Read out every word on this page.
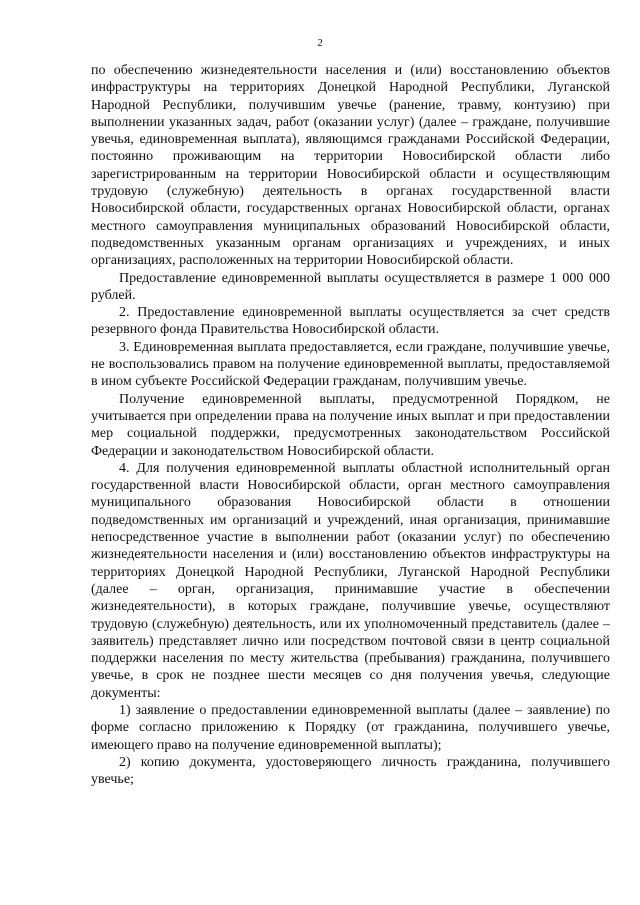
2

по обеспечению жизнедеятельности населения и (или) восстановлению объектов инфраструктуры на территориях Донецкой Народной Республики, Луганской Народной Республики, получившим увечье (ранение, травму, контузию) при выполнении указанных задач, работ (оказании услуг) (далее – граждане, получившие увечья, единовременная выплата), являющимся гражданами Российской Федерации, постоянно проживающим на территории Новосибирской области либо зарегистрированным на территории Новосибирской области и осуществляющим трудовую (служебную) деятельность в органах государственной власти Новосибирской области, государственных органах Новосибирской области, органах местного самоуправления муниципальных образований Новосибирской области, подведомственных указанным органам организациях и учреждениях, и иных организациях, расположенных на территории Новосибирской области.

Предоставление единовременной выплаты осуществляется в размере 1 000 000 рублей.

2. Предоставление единовременной выплаты осуществляется за счет средств резервного фонда Правительства Новосибирской области.

3. Единовременная выплата предоставляется, если граждане, получившие увечье, не воспользовались правом на получение единовременной выплаты, предоставляемой в ином субъекте Российской Федерации гражданам, получившим увечье.

Получение единовременной выплаты, предусмотренной Порядком, не учитывается при определении права на получение иных выплат и при предоставлении мер социальной поддержки, предусмотренных законодательством Российской Федерации и законодательством Новосибирской области.

4. Для получения единовременной выплаты областной исполнительный орган государственной власти Новосибирской области, орган местного самоуправления муниципального образования Новосибирской области в отношении подведомственных им организаций и учреждений, иная организация, принимавшие непосредственное участие в выполнении работ (оказании услуг) по обеспечению жизнедеятельности населения и (или) восстановлению объектов инфраструктуры на территориях Донецкой Народной Республики, Луганской Народной Республики (далее – орган, организация, принимавшие участие в обеспечении жизнедеятельности), в которых граждане, получившие увечье, осуществляют трудовую (служебную) деятельность, или их уполномоченный представитель (далее – заявитель) представляет лично или посредством почтовой связи в центр социальной поддержки населения по месту жительства (пребывания) гражданина, получившего увечье, в срок не позднее шести месяцев со дня получения увечья, следующие документы:

1) заявление о предоставлении единовременной выплаты (далее – заявление) по форме согласно приложению к Порядку (от гражданина, получившего увечье, имеющего право на получение единовременной выплаты);

2) копию документа, удостоверяющего личность гражданина, получившего увечье;
